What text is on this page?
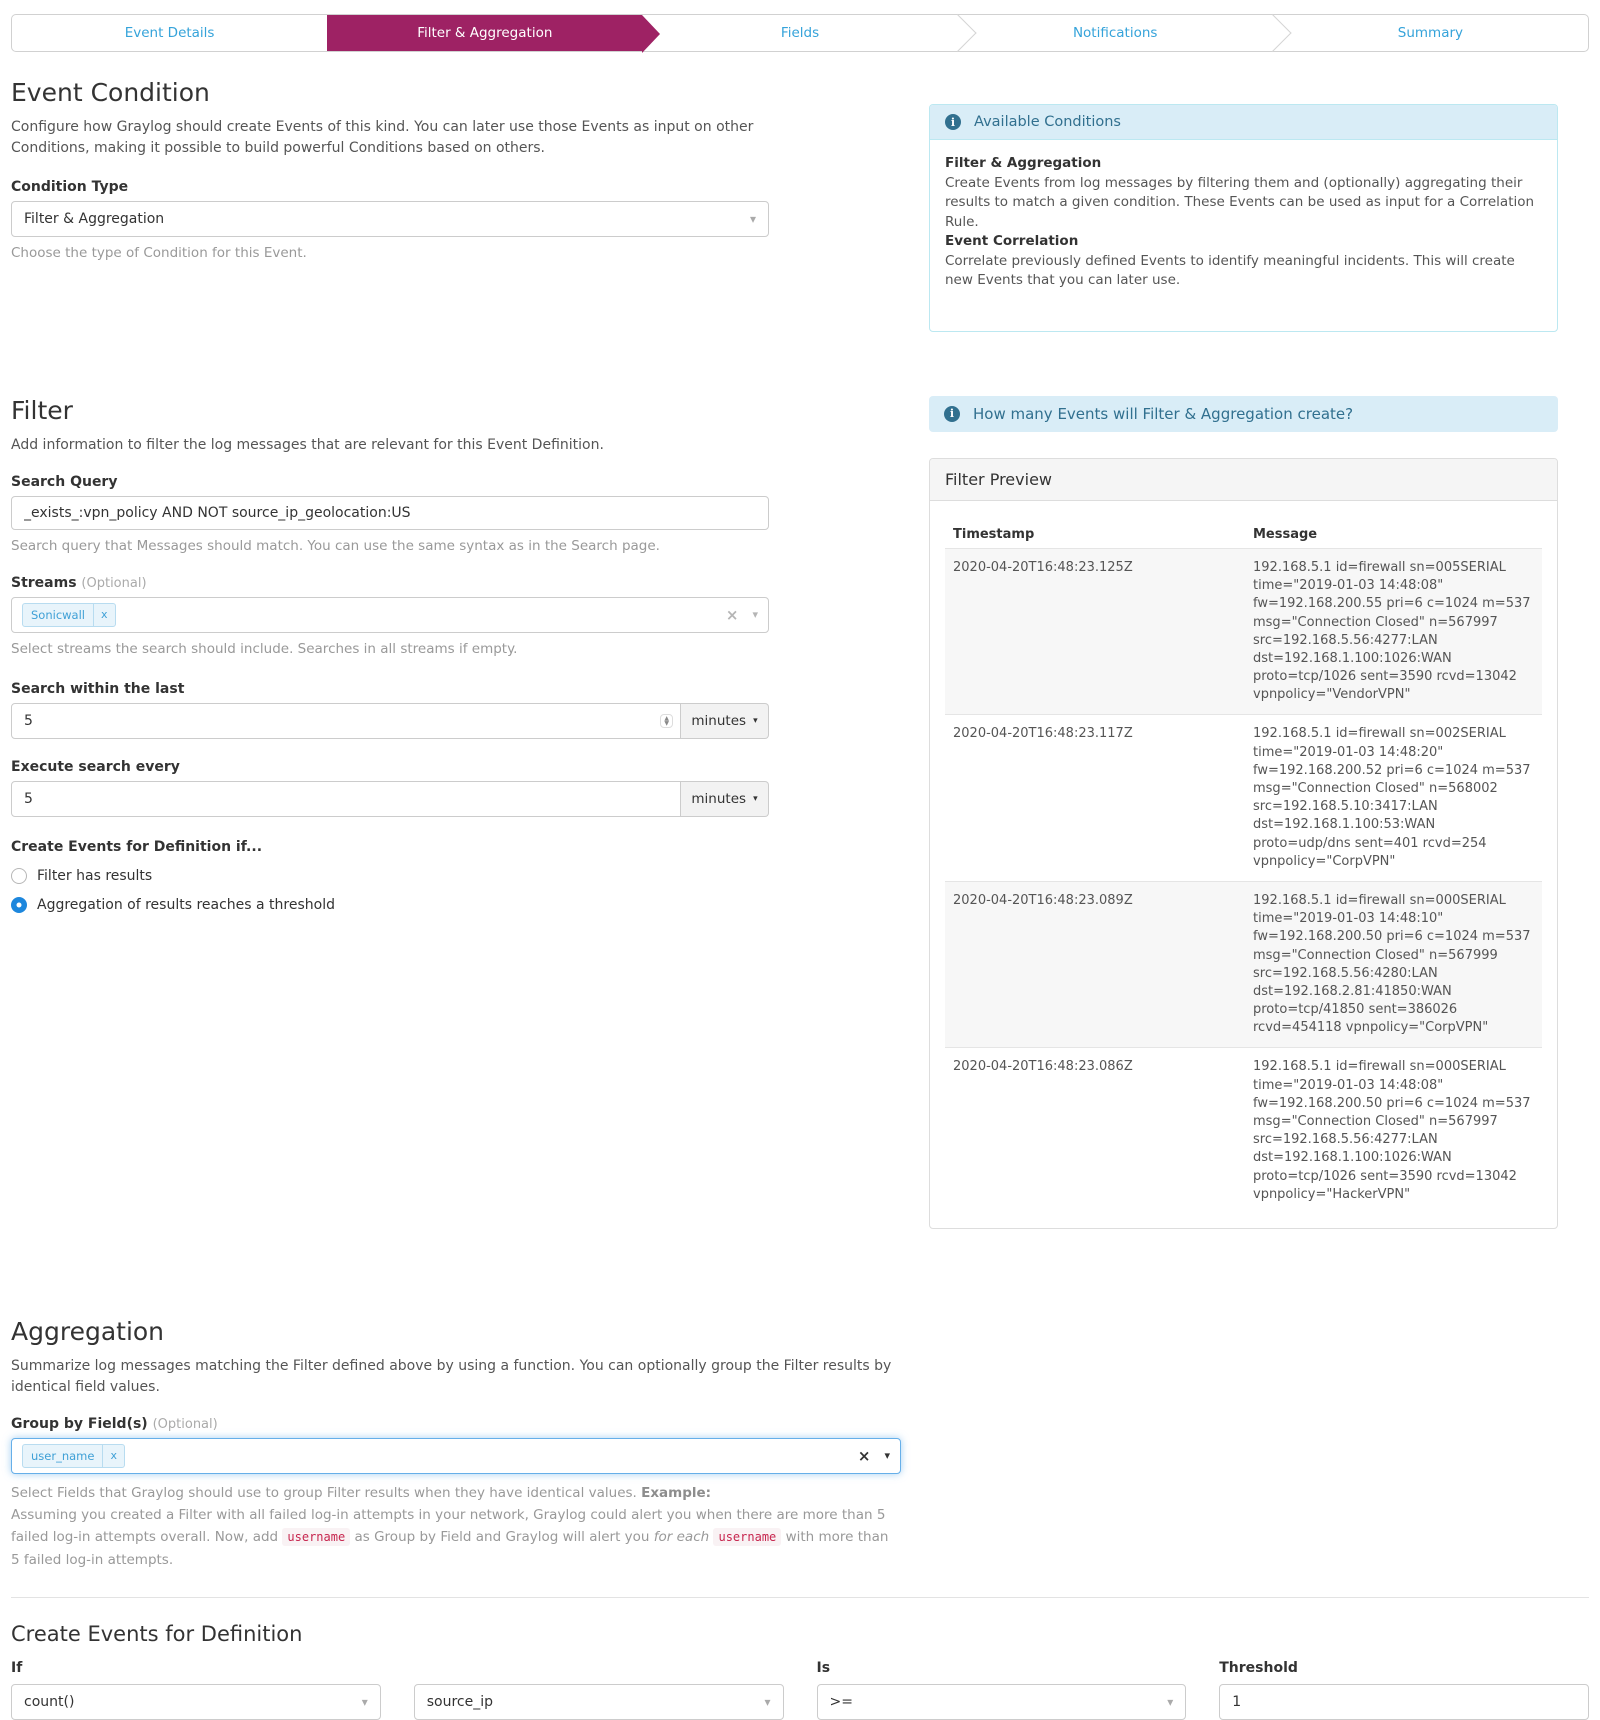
Event Details	Filter & Aggregation	Fields	Notifications	Summary
Event Condition

Configure how Graylog should create Events of this kind. You can later use those Events as input on other Conditions, making it possible to build powerful Conditions based on others.

Condition Type
Filter & Aggregation	▾
Choose the type of Condition for this Event.
i	Available Conditions
Filter & Aggregation
Create Events from log messages by filtering them and (optionally) aggregating their results to match a given condition. These Events can be used as input for a Correlation Rule.
Event Correlation
Correlate previously defined Events to identify meaningful incidents. This will create new Events that you can later use.
Filter

Add information to filter the log messages that are relevant for this Event Definition.

Search Query
_exists_:vpn_policy AND NOT source_ip_geolocation:US
Search query that Messages should match. You can use the same syntax as in the Search page.
Streams (Optional)
Sonicwall	x	× ▾
Select streams the search should include. Searches in all streams if empty.
Search within the last
5
▲
▼ minutes ▾
Execute search every
5
minutes ▾
Create Events for Definition if...
Filter has results
Aggregation of results reaches a threshold
i	How many Events will Filter & Aggregation create?
Filter Preview
Timestamp	Message
2020-04-20T16:48:23.125Z	192.168.5.1 id=firewall sn=005SERIAL time="2019-01-03 14:48:08" fw=192.168.200.55 pri=6 c=1024 m=537 msg="Connection Closed" n=567997 src=192.168.5.56:4277:LAN dst=192.168.1.100:1026:WAN proto=tcp/1026 sent=3590 rcvd=13042 vpnpolicy="VendorVPN"
2020-04-20T16:48:23.117Z	192.168.5.1 id=firewall sn=002SERIAL time="2019-01-03 14:48:20" fw=192.168.200.52 pri=6 c=1024 m=537 msg="Connection Closed" n=568002 src=192.168.5.10:3417:LAN dst=192.168.1.100:53:WAN proto=udp/dns sent=401 rcvd=254 vpnpolicy="CorpVPN"
2020-04-20T16:48:23.089Z	192.168.5.1 id=firewall sn=000SERIAL time="2019-01-03 14:48:10" fw=192.168.200.50 pri=6 c=1024 m=537 msg="Connection Closed" n=567999 src=192.168.5.56:4280:LAN dst=192.168.2.81:41850:WAN proto=tcp/41850 sent=386026 rcvd=454118 vpnpolicy="CorpVPN"
2020-04-20T16:48:23.086Z	192.168.5.1 id=firewall sn=000SERIAL time="2019-01-03 14:48:08" fw=192.168.200.50 pri=6 c=1024 m=537 msg="Connection Closed" n=567997 src=192.168.5.56:4277:LAN dst=192.168.1.100:1026:WAN proto=tcp/1026 sent=3590 rcvd=13042 vpnpolicy="HackerVPN"
Aggregation

Summarize log messages matching the Filter defined above by using a function. You can optionally group the Filter results by identical field values.

Group by Field(s) (Optional)
user_name	x	× ▾
Select Fields that Graylog should use to group Filter results when they have identical values. Example:
Assuming you created a Filter with all failed log-in attempts in your network, Graylog could alert you when there are more than 5 failed log-in attempts overall. Now, add username as Group by Field and Graylog will alert you for each username with more than 5 failed log-in attempts.
Create Events for Definition
If
count()	▾	source_ip	▾
Is
>=	▾
Threshold
1
